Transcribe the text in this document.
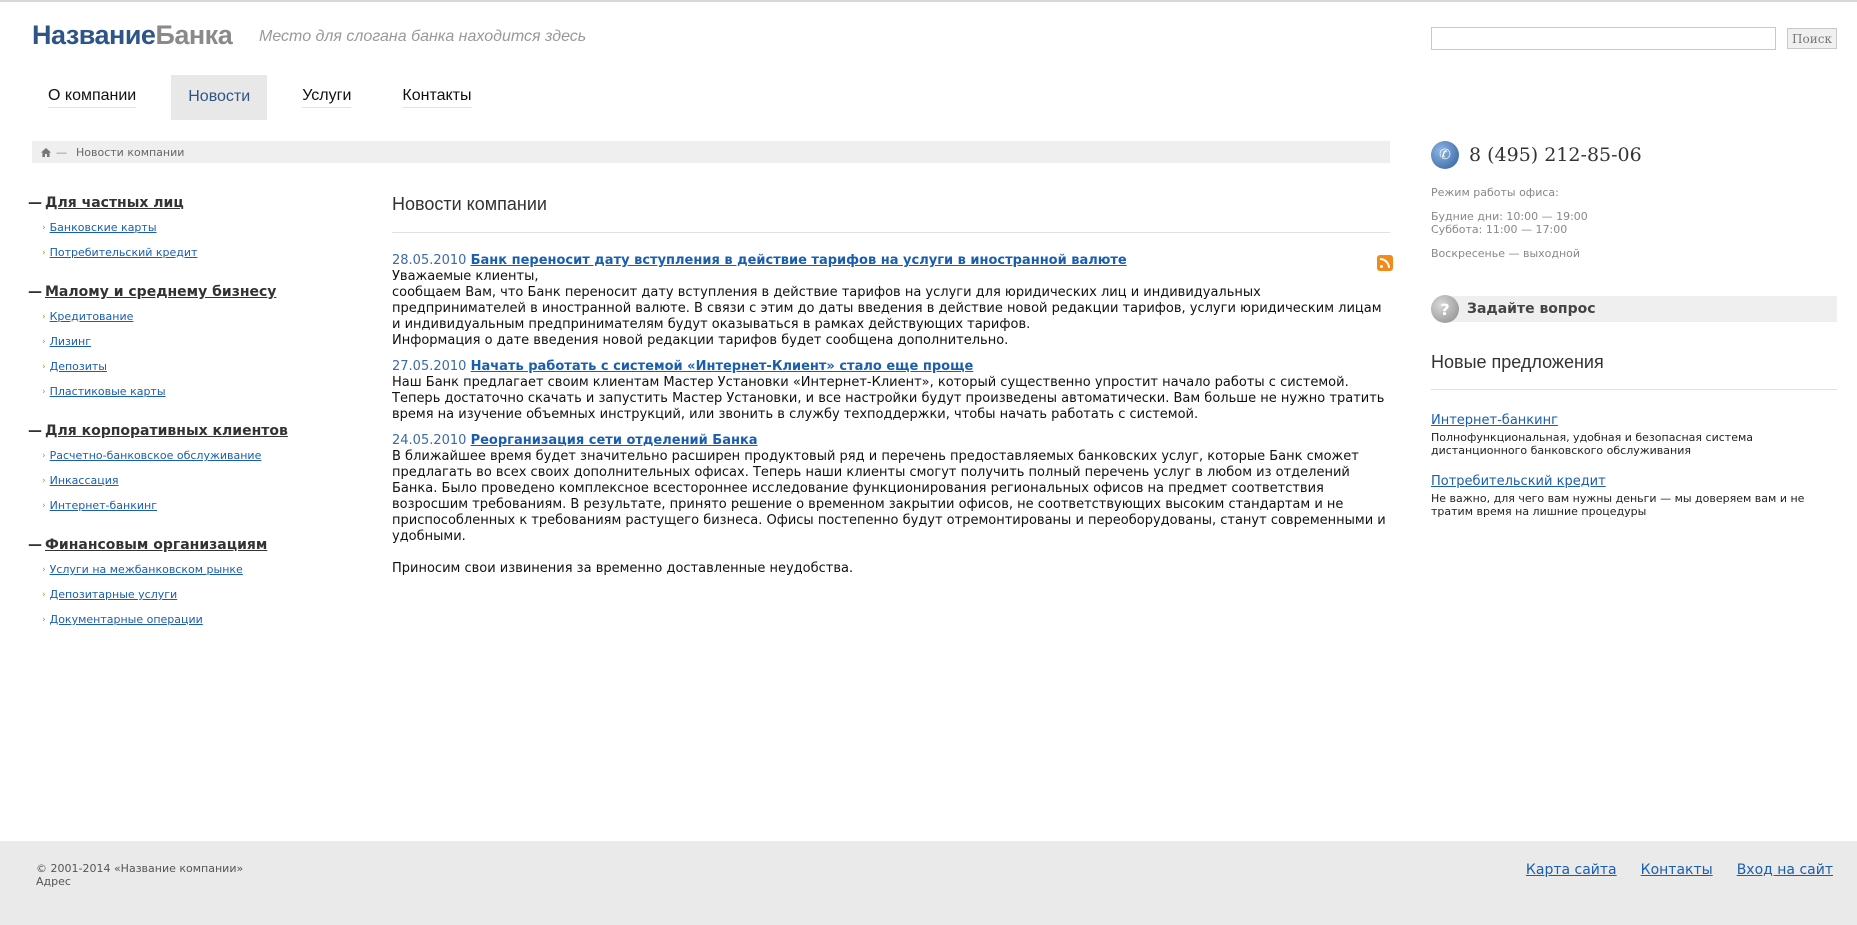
НазваниеБанка Место для слогана банка находится здесь	Поиск
О компании	Новости	Услуги	Контакты
— Новости компании
— Для частных лиц
› Банковские карты
› Потребительский кредит
— Малому и среднему бизнесу
› Кредитование
› Лизинг
› Депозиты
› Пластиковые карты
— Для корпоративных клиентов
› Расчетно-банковское обслуживание
› Инкассация
› Интернет-банкинг
— Финансовым организациям
› Услуги на межбанковском рынке
› Депозитарные услуги
› Документарные операции
Новости компании
28.05.2010 Банк переносит дату вступления в действие тарифов на услуги в иностранной валюте
Уважаемые клиенты,
сообщаем Вам, что Банк переносит дату вступления в действие тарифов на услуги для юридических лиц и индивидуальных предпринимателей в иностранной валюте. В связи с этим до даты введения в действие новой редакции тарифов, услуги юридическим лицам и индивидуальным предпринимателям будут оказываться в рамках действующих тарифов.
Информация о дате введения новой редакции тарифов будет сообщена дополнительно.
27.05.2010 Начать работать с системой «Интернет-Клиент» стало еще проще
Наш Банк предлагает своим клиентам Мастер Установки «Интернет-Клиент», который существенно упростит начало работы с системой. Теперь достаточно скачать и запустить Мастер Установки, и все настройки будут произведены автоматически. Вам больше не нужно тратить время на изучение объемных инструкций, или звонить в службу техподдержки, чтобы начать работать с системой.
24.05.2010 Реорганизация сети отделений Банка
В ближайшее время будет значительно расширен продуктовый ряд и перечень предоставляемых банковских услуг, которые Банк сможет предлагать во всех своих дополнительных офисах. Теперь наши клиенты смогут получить полный перечень услуг в любом из отделений Банка. Было проведено комплексное всестороннее исследование функционирования региональных офисов на предмет соответствия возросшим требованиям. В результате, принято решение о временном закрытии офисов, не соответствующих высоким стандартам и не приспособленных к требованиям растущего бизнеса. Офисы постепенно будут отремонтированы и переоборудованы, станут современными и удобными.
Приносим свои извинения за временно доставленные неудобства.
✆ 8 (495) 212-85-06
Режим работы офиса:
Будние дни: 10:00 — 19:00
Суббота: 11:00 — 17:00
Воскресенье — выходной
?	Задайте вопрос
Новые предложения
Интернет-банкинг
Полнофункциональная, удобная и безопасная система дистанционного банковского обслуживания
Потребительский кредит
Не важно, для чего вам нужны деньги — мы доверяем вам и не тратим время на лишние процедуры
© 2001-2014 «Название компании»
Адрес
Карта сайта Контакты Вход на сайт
